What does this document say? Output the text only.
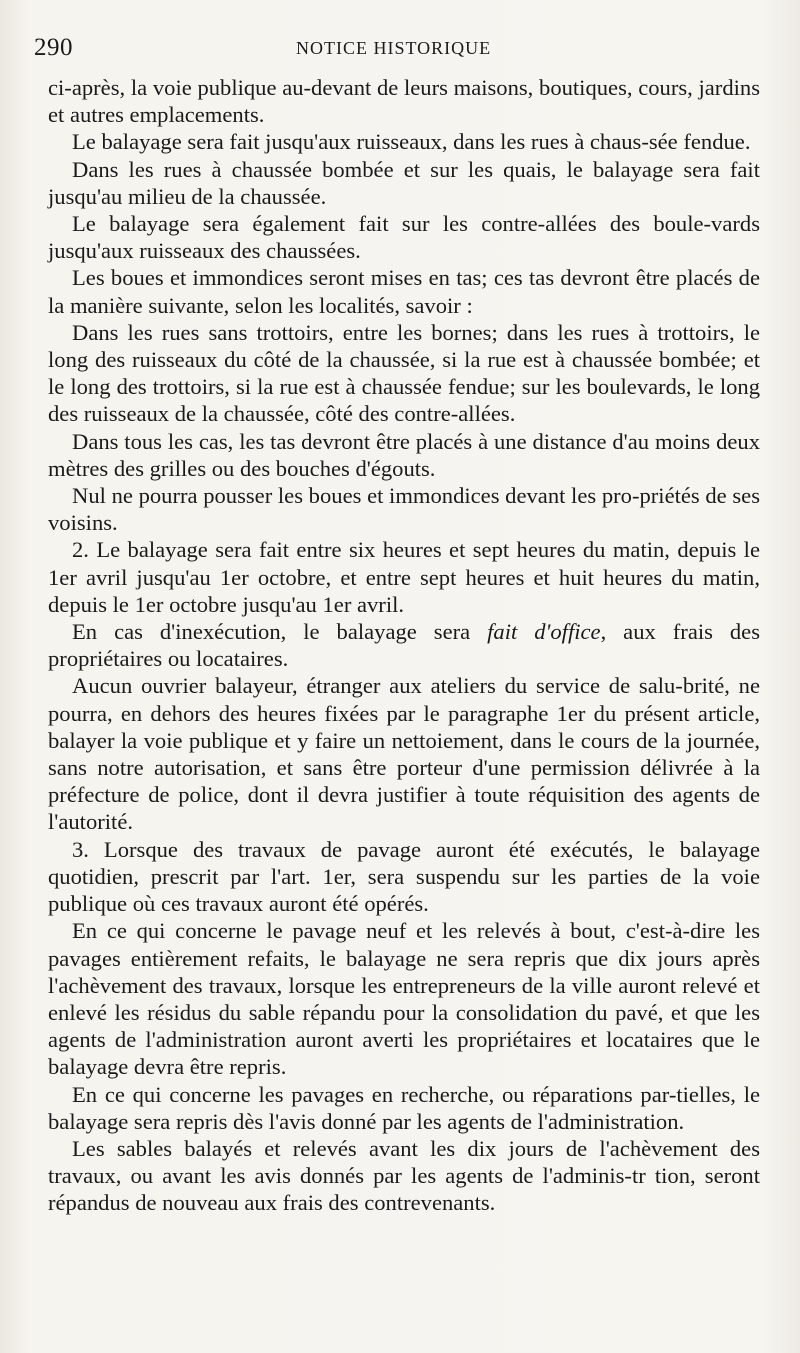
290	NOTICE HISTORIQUE

ci-après, la voie publique au-devant de leurs maisons, boutiques, cours, jardins et autres emplacements.

Le balayage sera fait jusqu'aux ruisseaux, dans les rues à chaus-sée fendue.

Dans les rues à chaussée bombée et sur les quais, le balayage sera fait jusqu'au milieu de la chaussée.

Le balayage sera également fait sur les contre-allées des boule-vards jusqu'aux ruisseaux des chaussées.

Les boues et immondices seront mises en tas; ces tas devront être placés de la manière suivante, selon les localités, savoir :

Dans les rues sans trottoirs, entre les bornes; dans les rues à trottoirs, le long des ruisseaux du côté de la chaussée, si la rue est à chaussée bombée; et le long des trottoirs, si la rue est à chaussée fendue; sur les boulevards, le long des ruisseaux de la chaussée, côté des contre-allées.

Dans tous les cas, les tas devront être placés à une distance d'au moins deux mètres des grilles ou des bouches d'égouts.

Nul ne pourra pousser les boues et immondices devant les pro-priétés de ses voisins.

2. Le balayage sera fait entre six heures et sept heures du matin, depuis le 1er avril jusqu'au 1er octobre, et entre sept heures et huit heures du matin, depuis le 1er octobre jusqu'au 1er avril.

En cas d'inexécution, le balayage sera fait d'office, aux frais des propriétaires ou locataires.

Aucun ouvrier balayeur, étranger aux ateliers du service de salu-brité, ne pourra, en dehors des heures fixées par le paragraphe 1er du présent article, balayer la voie publique et y faire un nettoiement, dans le cours de la journée, sans notre autorisation, et sans être porteur d'une permission délivrée à la préfecture de police, dont il devra justifier à toute réquisition des agents de l'autorité.

3. Lorsque des travaux de pavage auront été exécutés, le balayage quotidien, prescrit par l'art. 1er, sera suspendu sur les parties de la voie publique où ces travaux auront été opérés.

En ce qui concerne le pavage neuf et les relevés à bout, c'est-à-dire les pavages entièrement refaits, le balayage ne sera repris que dix jours après l'achèvement des travaux, lorsque les entrepreneurs de la ville auront relevé et enlevé les résidus du sable répandu pour la consolidation du pavé, et que les agents de l'administration auront averti les propriétaires et locataires que le balayage devra être repris.

En ce qui concerne les pavages en recherche, ou réparations par-tielles, le balayage sera repris dès l'avis donné par les agents de l'administration.

Les sables balayés et relevés avant les dix jours de l'achèvement des travaux, ou avant les avis donnés par les agents de l'adminis-tr tion, seront répandus de nouveau aux frais des contrevenants.
